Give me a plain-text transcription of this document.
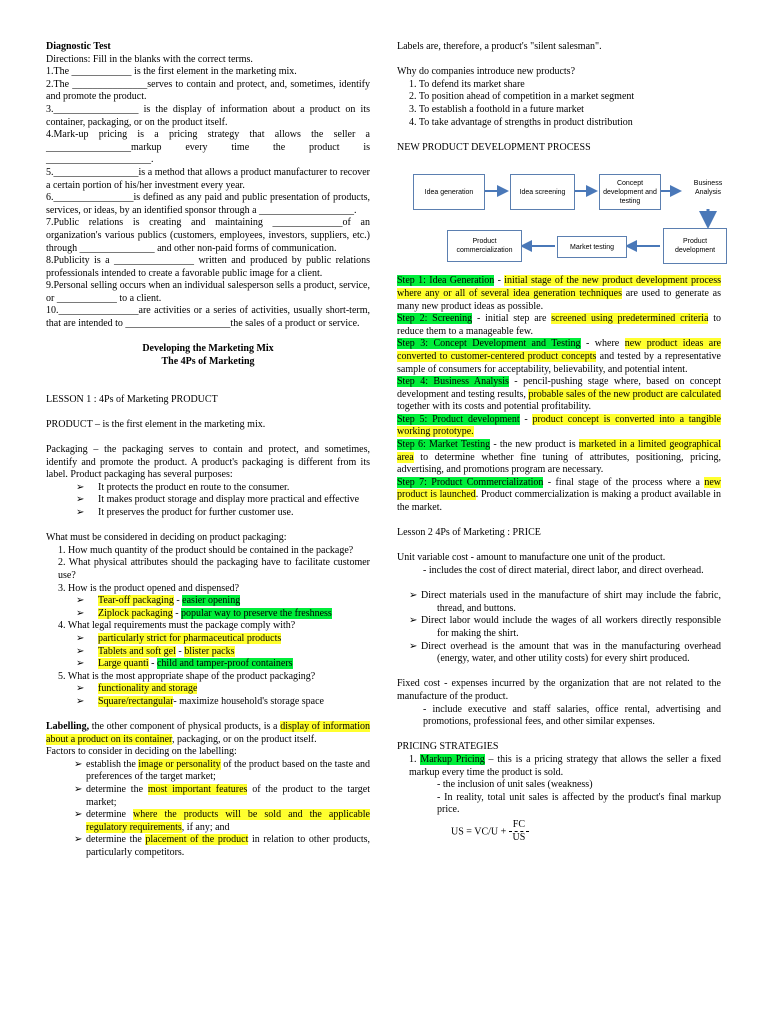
Diagnostic Test

Directions: Fill in the blanks with the correct terms.

1.The ____________ is the first element in the marketing mix.

2.The _______________serves to contain and protect, and, sometimes, identify and promote the product.

3._________________ is the display of information about a product on its container, packaging, or on the product itself.

4.Mark-up pricing is a pricing strategy that allows the seller a _________________markup every time the product is _____________________.

5._________________is a method that allows a product manufacturer to recover a certain portion of his/her investment every year.

6.________________is defined as any paid and public presentation of products, services, or ideas, by an identified sponsor through a ___________________.

7.Public relations is creating and maintaining ______________of an organization's various publics (customers, employees, investors, suppliers, etc.) through _______________ and other non-paid forms of communication.

8.Publicity is a ________________ written and produced by public relations professionals intended to create a favorable public image for a client.

9.Personal selling occurs when an individual salesperson sells a product, service, or ____________ to a client.

10.________________are activities or a series of activities, usually short-term, that are intended to _____________________the sales of a product or service.

Developing the Marketing Mix

The 4Ps of Marketing

LESSON 1 : 4Ps of Marketing PRODUCT

PRODUCT – is the first element in the marketing mix.

Packaging – the packaging serves to contain and protect, and sometimes, identify and promote the product. A product's packaging is different from its label. Product packaging has several purposes:

➢ It protects the product en route to the consumer.

➢ It makes product storage and display more practical and effective

➢ It preserves the product for further customer use.

What must be considered in deciding on product packaging:

1. How much quantity of the product should be contained in the package?

2. What physical attributes should the packaging have to facilitate customer use?

3. How is the product opened and dispensed?

➢ Tear-off packaging - easier opening

➢ Ziplock packaging - popular way to preserve the freshness

4. What legal requirements must the package comply with?

➢ particularly strict for pharmaceutical products

➢ Tablets and soft gel - blister packs

➢ Large quanti - child and tamper-proof containers

5. What is the most appropriate shape of the product packaging?

➢ functionality and storage

➢ Square/rectangular- maximize household's storage space

Labelling, the other component of physical products, is a display of information about a product on its container, packaging, or on the product itself.

Factors to consider in deciding on the labelling:

➢ establish the image or personality of the product based on the taste and preferences of the target market;

➢ determine the most important features of the product to the target market;

➢ determine where the products will be sold and the applicable regulatory requirements, if any; and

➢ determine the placement of the product in relation to other products, particularly competitors.

Labels are, therefore, a product's "silent salesman".

Why do companies introduce new products?

1. To defend its market share

2. To position ahead of competition in a market segment

3. To establish a foothold in a future market

4. To take advantage of strengths in product distribution

NEW PRODUCT DEVELOPMENT PROCESS

Idea generation	Idea screening
Concept development and testing
Business Analysis
Product development
Market testing
Product commercialization

Step 1: Idea Generation - initial stage of the new product development process where any or all of several idea generation techniques are used to generate as many new product ideas as possible.

Step 2: Screening - initial step are screened using predetermined criteria to reduce them to a manageable few.

Step 3: Concept Development and Testing - where new product ideas are converted to customer-centered product concepts and tested by a representative sample of consumers for acceptability, believability, and potential intent.

Step 4: Business Analysis - pencil-pushing stage where, based on concept development and testing results, probable sales of the new product are calculated together with its costs and potential profitability.

Step 5: Product development - product concept is converted into a tangible working prototype.

Step 6: Market Testing - the new product is marketed in a limited geographical area to determine whether fine tuning of attributes, positioning, pricing, advertising, and promotions program are necessary.

Step 7: Product Commercialization - final stage of the process where a new product is launched. Product commercialization is making a product available in the market.

Lesson 2 4Ps of Marketing : PRICE

Unit variable cost - amount to manufacture one unit of the product.

- includes the cost of direct material, direct labor, and direct overhead.

➢ Direct materials used in the manufacture of shirt may include the fabric, thread, and buttons.

➢ Direct labor would include the wages of all workers directly responsible for making the shirt.

➢ Direct overhead is the amount that was in the manufacturing overhead (energy, water, and other utility costs) for every shirt produced.

Fixed cost - expenses incurred by the organization that are not related to the manufacture of the product.

- include executive and staff salaries, office rental, advertising and promotions, professional fees, and other similar expenses.

PRICING STRATEGIES

1. Markup Pricing – this is a pricing strategy that allows the seller a fixed markup every time the product is sold.

- the inclusion of unit sales (weakness)

- In reality, total unit sales is affected by the product's final markup price.

US = $VC/U + \frac{FC}{US}$
